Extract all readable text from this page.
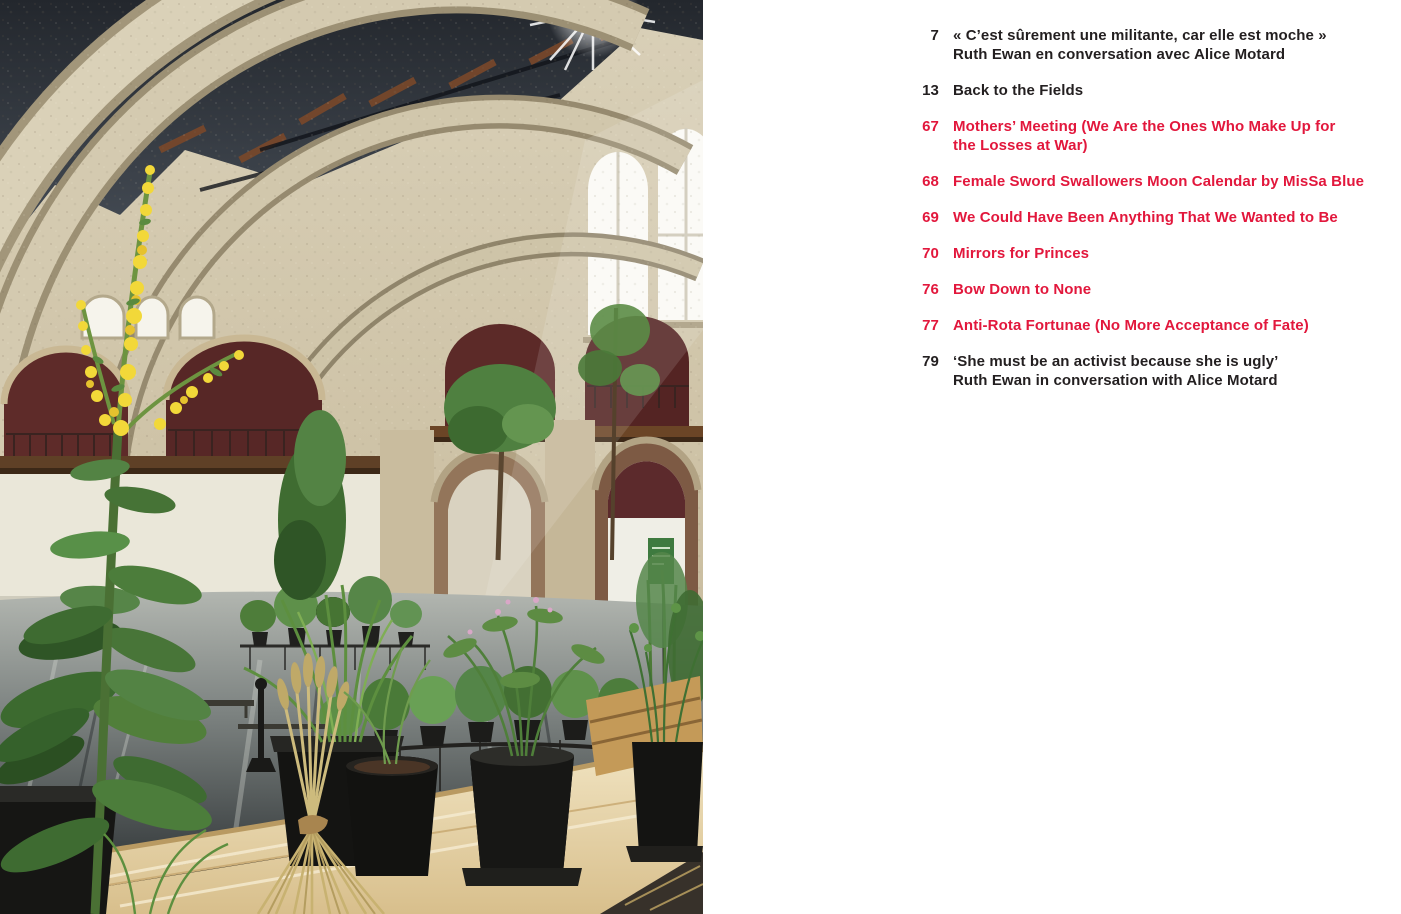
7 « C’est sûrement une militante, car elle est moche »
Ruth Ewan en conversation avec Alice Motard
13 Back to the Fields
67 Mothers’ Meeting (We Are the Ones Who Make Up for
the Losses at War)
68 Female Sword Swallowers Moon Calendar by MisSa Blue
69 We Could Have Been Anything That We Wanted to Be
70 Mirrors for Princes
76 Bow Down to None
77 Anti-Rota Fortunae (No More Acceptance of Fate)
79 ‘She must be an activist because she is ugly’
Ruth Ewan in conversation with Alice Motard
